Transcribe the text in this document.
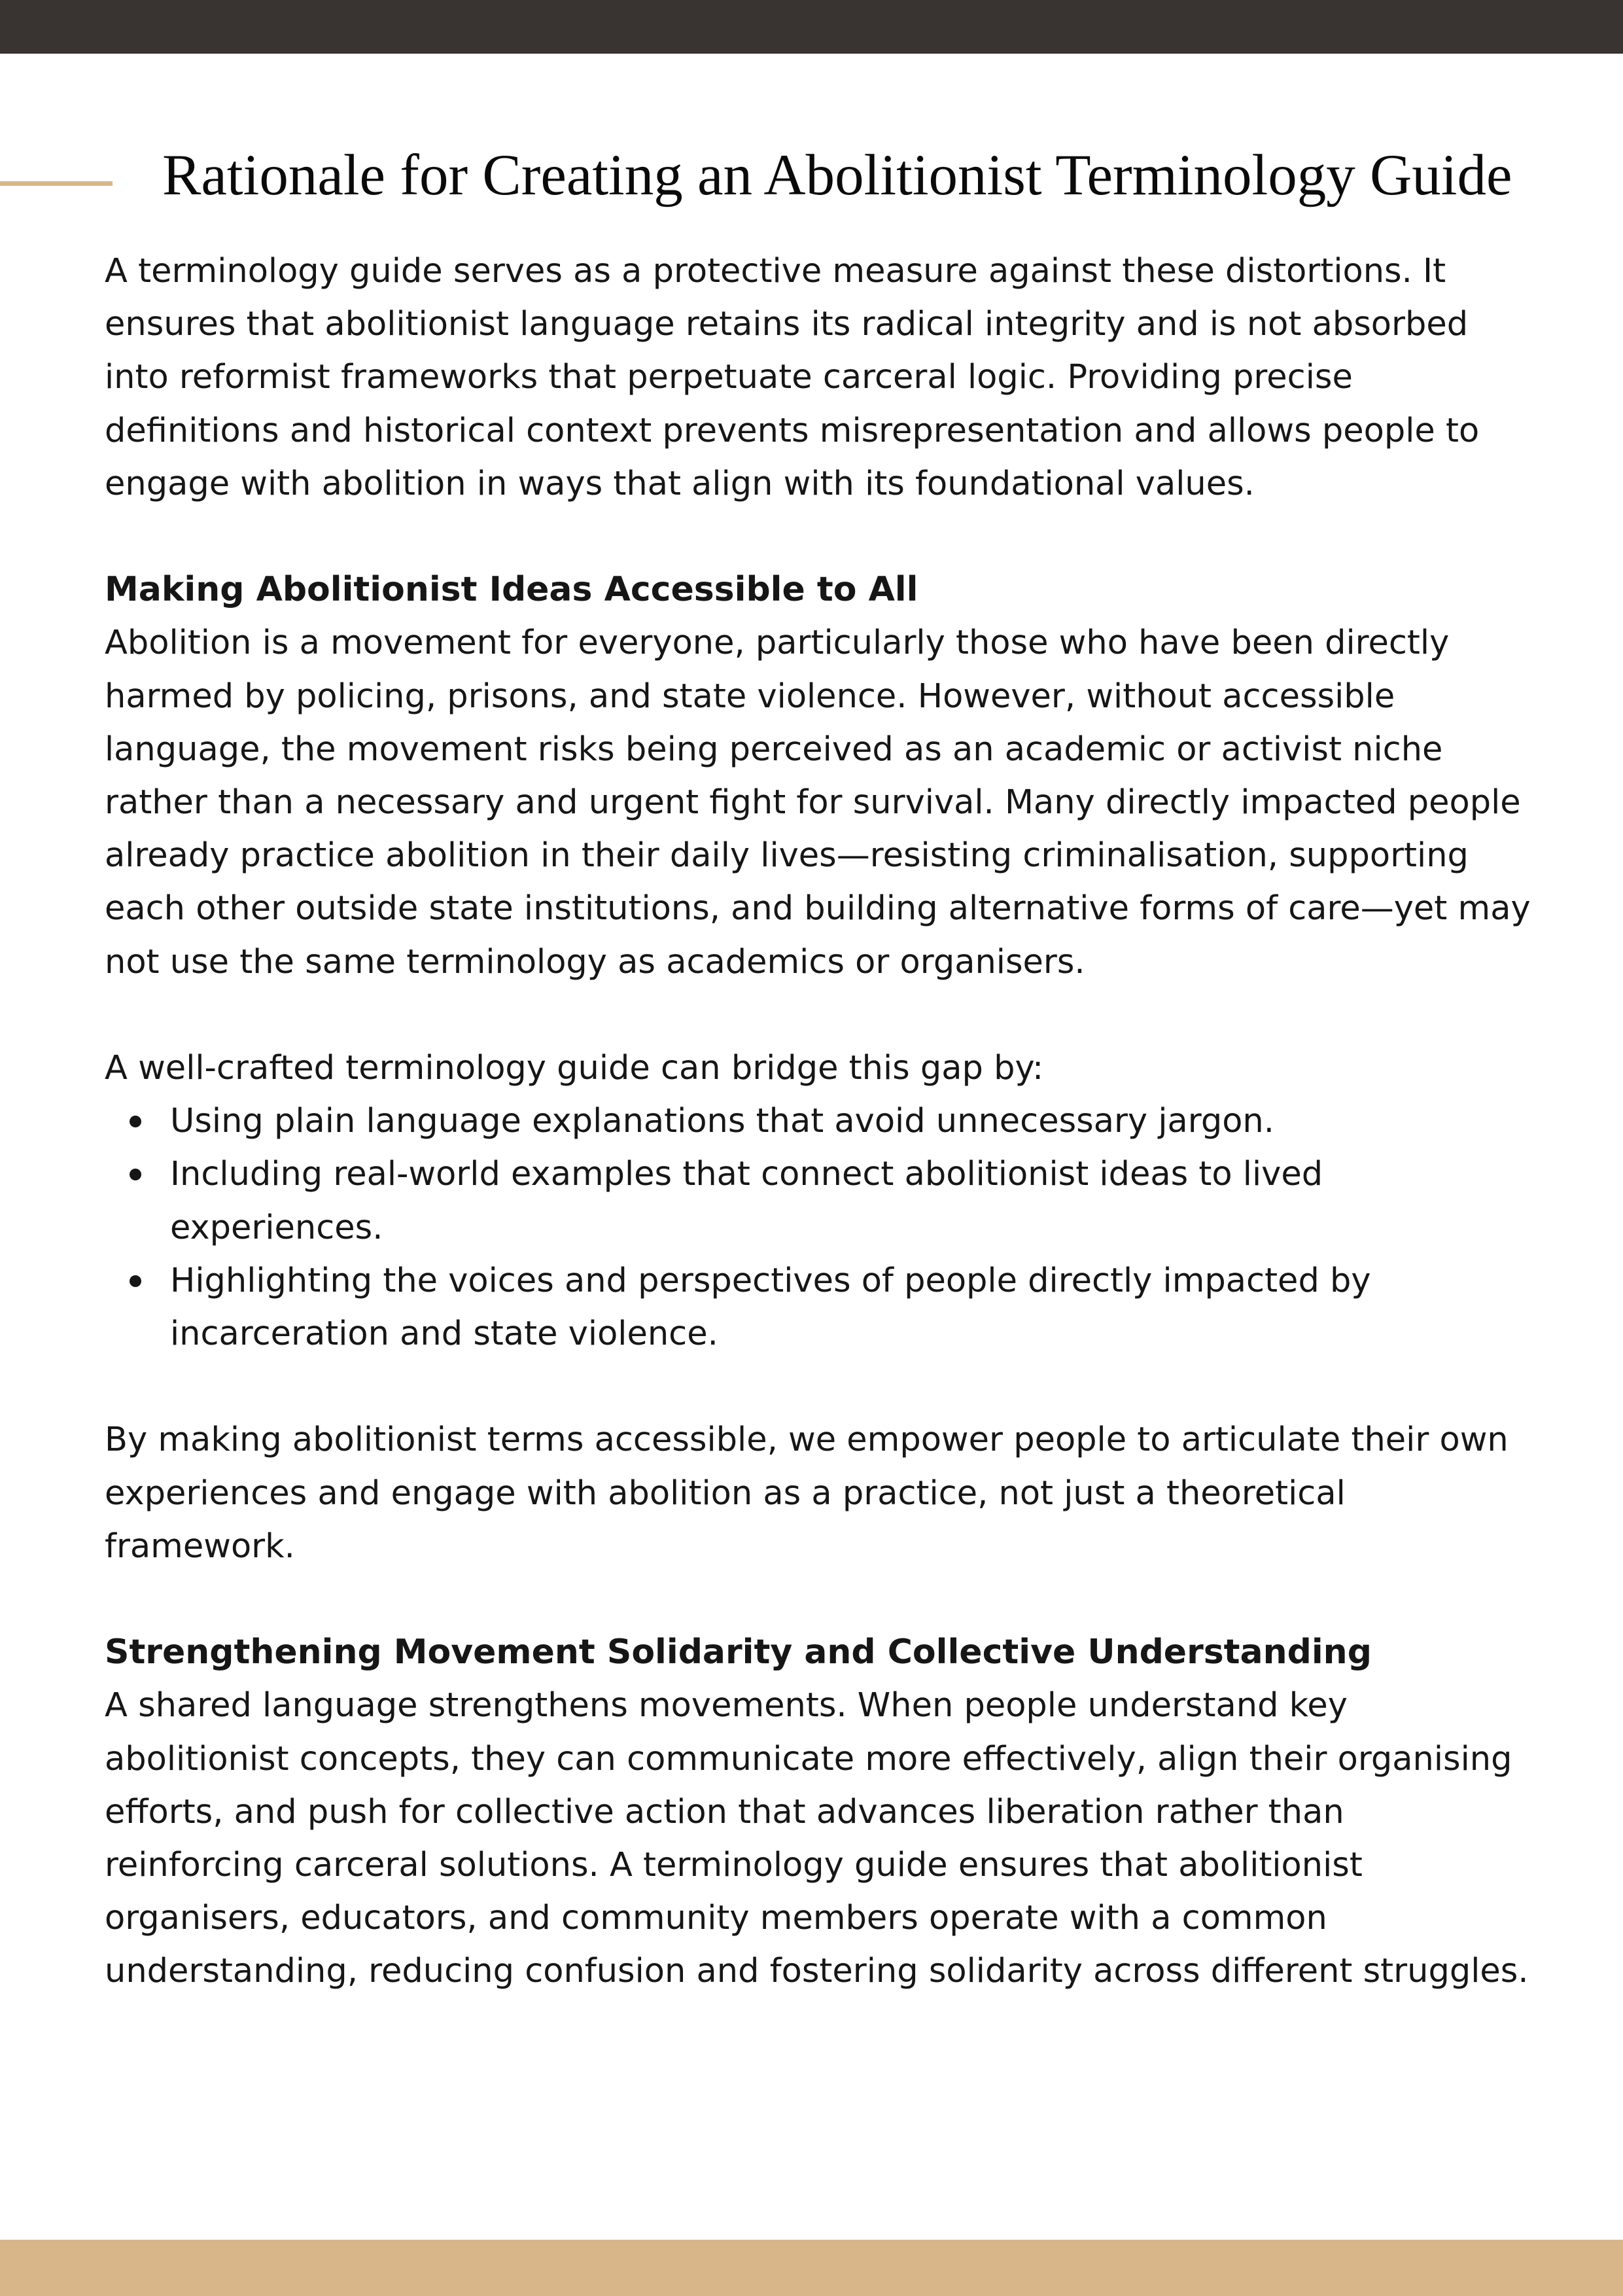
Rationale for Creating an Abolitionist Terminology Guide

A terminology guide serves as a protective measure against these distortions. It ensures that abolitionist language retains its radical integrity and is not absorbed into reformist frameworks that perpetuate carceral logic. Providing precise definitions and historical context prevents misrepresentation and allows people to engage with abolition in ways that align with its foundational values.

Making Abolitionist Ideas Accessible to All

Abolition is a movement for everyone, particularly those who have been directly harmed by policing, prisons, and state violence. However, without accessible language, the movement risks being perceived as an academic or activist niche rather than a necessary and urgent fight for survival. Many directly impacted people already practice abolition in their daily lives—resisting criminalisation, supporting each other outside state institutions, and building alternative forms of care—yet may not use the same terminology as academics or organisers.

A well-crafted terminology guide can bridge this gap by:

Using plain language explanations that avoid unnecessary jargon.
Including real-world examples that connect abolitionist ideas to lived experiences.
Highlighting the voices and perspectives of people directly impacted by incarceration and state violence.

By making abolitionist terms accessible, we empower people to articulate their own experiences and engage with abolition as a practice, not just a theoretical framework.

Strengthening Movement Solidarity and Collective Understanding

A shared language strengthens movements. When people understand key abolitionist concepts, they can communicate more effectively, align their organising efforts, and push for collective action that advances liberation rather than reinforcing carceral solutions. A terminology guide ensures that abolitionist organisers, educators, and community members operate with a common understanding, reducing confusion and fostering solidarity across different struggles.
